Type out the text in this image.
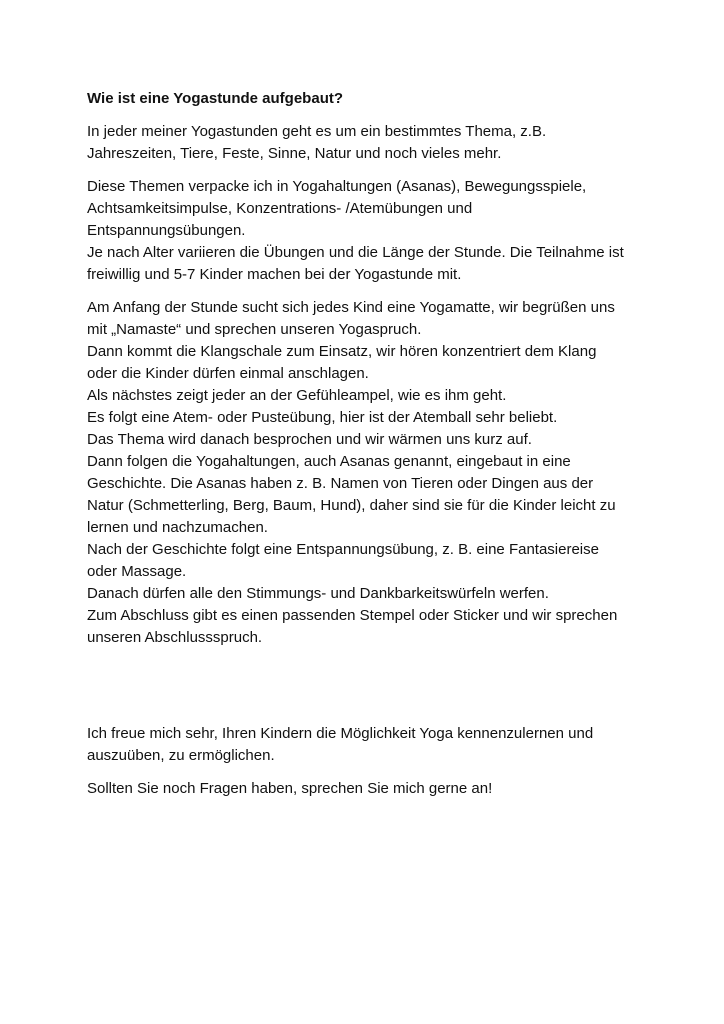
Wie ist eine Yogastunde aufgebaut?
In jeder meiner Yogastunden geht es um ein bestimmtes Thema, z.B.
Jahreszeiten, Tiere, Feste, Sinne, Natur und noch vieles mehr.
Diese Themen verpacke ich in Yogahaltungen (Asanas), Bewegungsspiele,
Achtsamkeitsimpulse, Konzentrations- /Atemübungen und
Entspannungsübungen.
Je nach Alter variieren die Übungen und die Länge der Stunde. Die Teilnahme ist
freiwillig und 5-7 Kinder machen bei der Yogastunde mit.
Am Anfang der Stunde sucht sich jedes Kind eine Yogamatte, wir begrüßen uns
mit „Namaste“ und sprechen unseren Yogaspruch.
Dann kommt die Klangschale zum Einsatz, wir hören konzentriert dem Klang
oder die Kinder dürfen einmal anschlagen.
Als nächstes zeigt jeder an der Gefühleampel, wie es ihm geht.
Es folgt eine Atem- oder Pusteübung, hier ist der Atemball sehr beliebt.
Das Thema wird danach besprochen und wir wärmen uns kurz auf.
Dann folgen die Yogahaltungen, auch Asanas genannt, eingebaut in eine
Geschichte. Die Asanas haben z. B. Namen von Tieren oder Dingen aus der
Natur (Schmetterling, Berg, Baum, Hund), daher sind sie für die Kinder leicht zu
lernen und nachzumachen.
Nach der Geschichte folgt eine Entspannungsübung, z. B. eine Fantasiereise
oder Massage.
Danach dürfen alle den Stimmungs- und Dankbarkeitswürfeln werfen.
Zum Abschluss gibt es einen passenden Stempel oder Sticker und wir sprechen
unseren Abschlussspruch.
Ich freue mich sehr, Ihren Kindern die Möglichkeit Yoga kennenzulernen und
auszuüben, zu ermöglichen.
Sollten Sie noch Fragen haben, sprechen Sie mich gerne an!
